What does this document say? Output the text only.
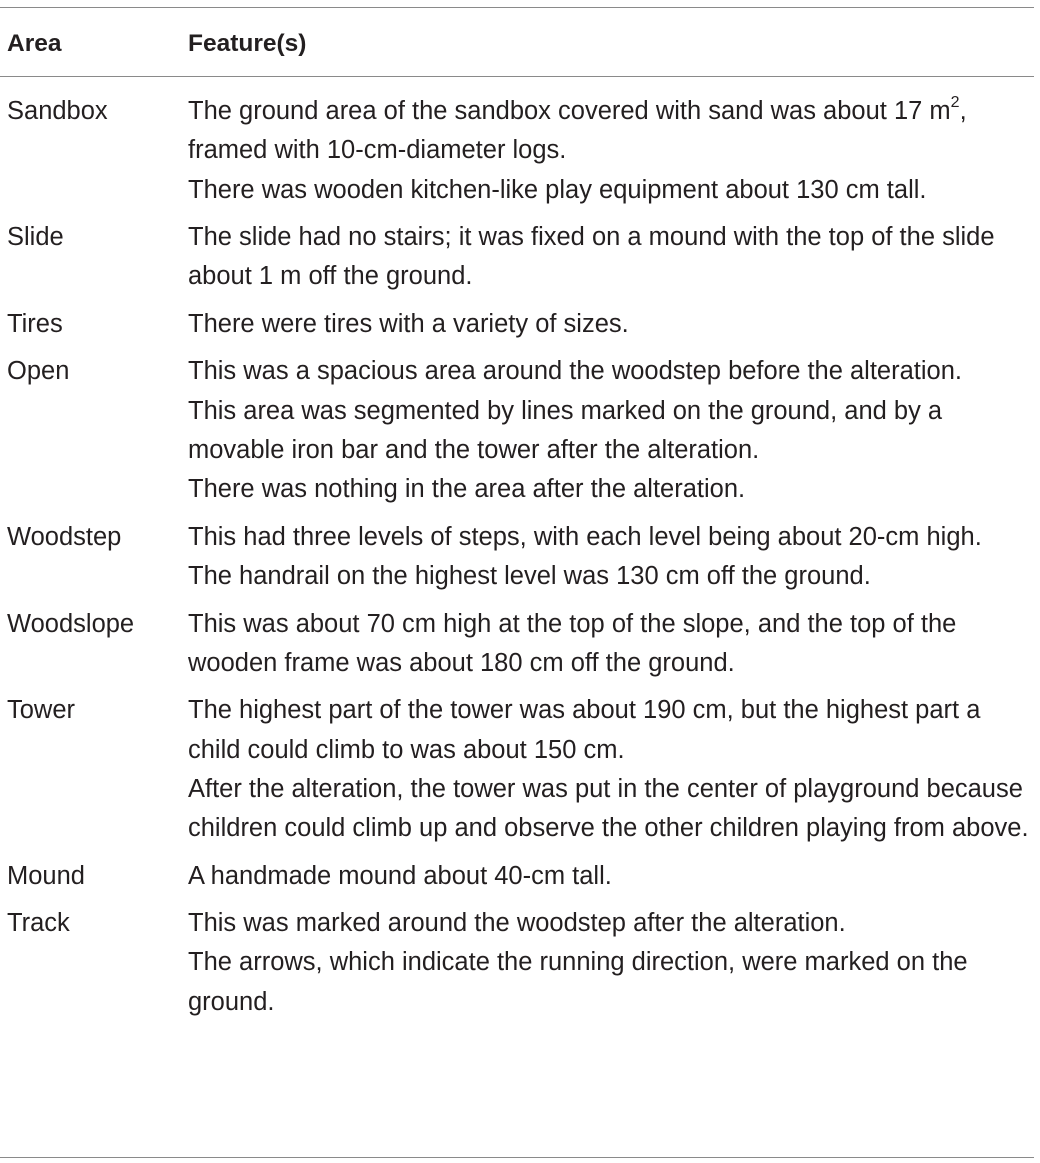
Area	Feature(s)
Sandbox	The ground area of the sandbox covered with sand was about 17 $m^2$, framed with 10-cm-diameter logs.
There was wooden kitchen-like play equipment about 130 cm tall.
Slide	The slide had no stairs; it was fixed on a mound with the top of the slide about 1 m off the ground.
Tires	There were tires with a variety of sizes.
Open	This was a spacious area around the woodstep before the alteration.
This area was segmented by lines marked on the ground, and by a movable iron bar and the tower after the alteration.
There was nothing in the area after the alteration.
Woodstep	This had three levels of steps, with each level being about 20-cm high.
The handrail on the highest level was 130 cm off the ground.
Woodslope	This was about 70 cm high at the top of the slope, and the top of the wooden frame was about 180 cm off the ground.
Tower	The highest part of the tower was about 190 cm, but the highest part a child could climb to was about 150 cm.
After the alteration, the tower was put in the center of playground because children could climb up and observe the other children playing from above.
Mound	A handmade mound about 40-cm tall.
Track	This was marked around the woodstep after the alteration.
The arrows, which indicate the running direction, were marked on the ground.
